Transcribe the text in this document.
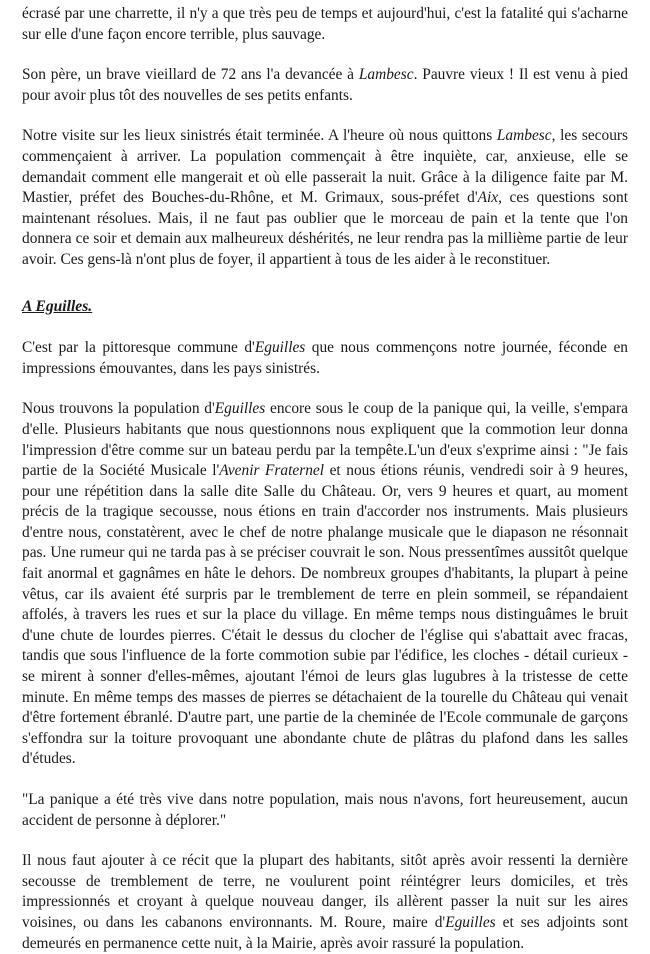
écrasé par une charrette, il n'y a que très peu de temps et aujourd'hui, c'est la fatalité qui s'acharne sur elle d'une façon encore terrible, plus sauvage.

Son père, un brave vieillard de 72 ans l'a devancée à Lambesc. Pauvre vieux ! Il est venu à pied pour avoir plus tôt des nouvelles de ses petits enfants.

Notre visite sur les lieux sinistrés était terminée. A l'heure où nous quittons Lambesc, les secours commençaient à arriver. La population commençait à être inquiète, car, anxieuse, elle se demandait comment elle mangerait et où elle passerait la nuit. Grâce à la diligence faite par M. Mastier, préfet des Bouches-du-Rhône, et M. Grimaux, sous-préfet d'Aix, ces questions sont maintenant résolues. Mais, il ne faut pas oublier que le morceau de pain et la tente que l'on donnera ce soir et demain aux malheureux déshérités, ne leur rendra pas la millième partie de leur avoir. Ces gens-là n'ont plus de foyer, il appartient à tous de les aider à le reconstituer.

A Eguilles.

C'est par la pittoresque commune d'Eguilles que nous commençons notre journée, féconde en impressions émouvantes, dans les pays sinistrés.

Nous trouvons la population d'Eguilles encore sous le coup de la panique qui, la veille, s'empara d'elle. Plusieurs habitants que nous questionnons nous expliquent que la commotion leur donna l'impression d'être comme sur un bateau perdu par la tempête.L'un d'eux s'exprime ainsi : "Je fais partie de la Société Musicale l'Avenir Fraternel et nous étions réunis, vendredi soir à 9 heures, pour une répétition dans la salle dite Salle du Château. Or, vers 9 heures et quart, au moment précis de la tragique secousse, nous étions en train d'accorder nos instruments. Mais plusieurs d'entre nous, constatèrent, avec le chef de notre phalange musicale que le diapason ne résonnait pas. Une rumeur qui ne tarda pas à se préciser couvrait le son. Nous pressentîmes aussitôt quelque fait anormal et gagnâmes en hâte le dehors. De nombreux groupes d'habitants, la plupart à peine vêtus, car ils avaient été surpris par le tremblement de terre en plein sommeil, se répandaient affolés, à travers les rues et sur la place du village. En même temps nous distinguâmes le bruit d'une chute de lourdes pierres. C'était le dessus du clocher de l'église qui s'abattait avec fracas, tandis que sous l'influence de la forte commotion subie par l'édifice, les cloches - détail curieux - se mirent à sonner d'elles-mêmes, ajoutant l'émoi de leurs glas lugubres à la tristesse de cette minute. En même temps des masses de pierres se détachaient de la tourelle du Château qui venait d'être fortement ébranlé. D'autre part, une partie de la cheminée de l'Ecole communale de garçons s'effondra sur la toiture provoquant une abondante chute de plâtras du plafond dans les salles d'études.

"La panique a été très vive dans notre population, mais nous n'avons, fort heureusement, aucun accident de personne à déplorer."

Il nous faut ajouter à ce récit que la plupart des habitants, sitôt après avoir ressenti la dernière secousse de tremblement de terre, ne voulurent point réintégrer leurs domiciles, et très impressionnés et croyant à quelque nouveau danger, ils allèrent passer la nuit sur les aires voisines, ou dans les cabanons environnants. M. Roure, maire d'Eguilles et ses adjoints sont demeurés en permanence cette nuit, à la Mairie, après avoir rassuré la population.
